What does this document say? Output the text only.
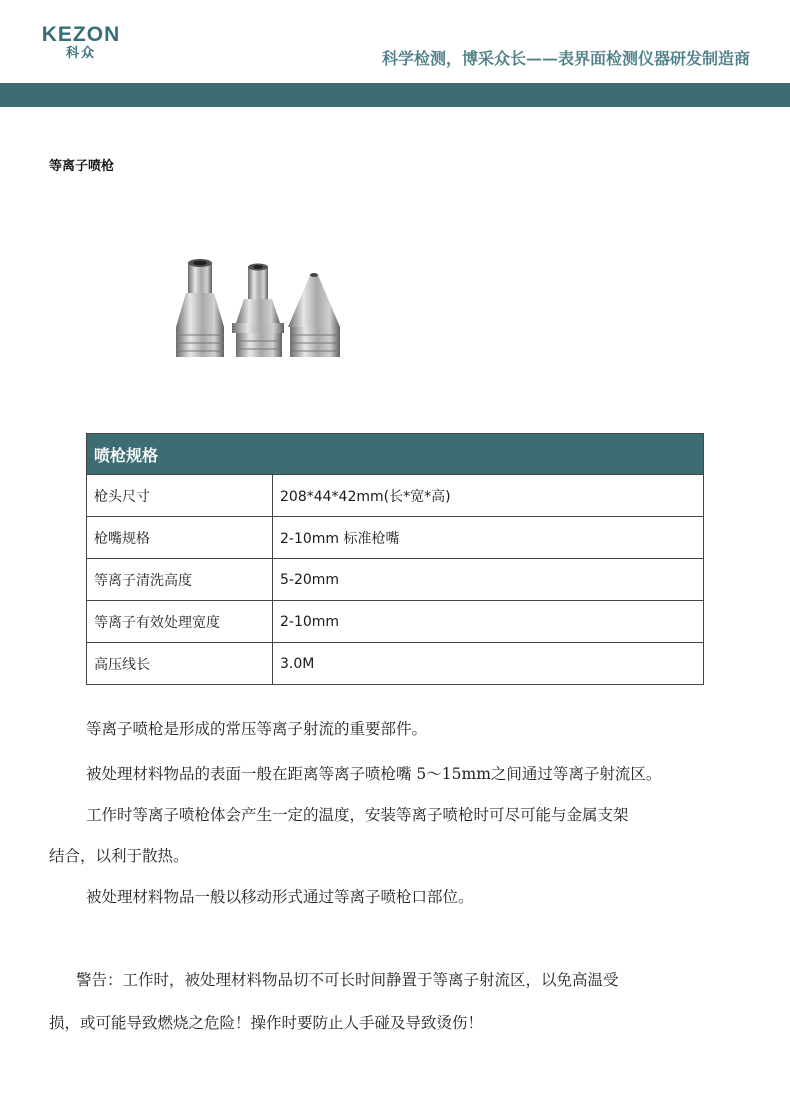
KEZON
科众	科学检测，博采众长——表界面检测仪器研发制造商
等离子喷枪
喷枪规格	
枪头尺寸	208*44*42mm(长*宽*高)
枪嘴规格	2-10mm 标准枪嘴
等离子清洗高度	5-20mm
等离子有效处理宽度	2-10mm
高压线长	3.0M
等离子喷枪是形成的常压等离子射流的重要部件。
被处理材料物品的表面一般在距离等离子喷枪嘴 5～15mm之间通过等离子射流区。
工作时等离子喷枪体会产生一定的温度，安装等离子喷枪时可尽可能与金属支架
结合，以利于散热。
被处理材料物品一般以移动形式通过等离子喷枪口部位。
警告：工作时，被处理材料物品切不可长时间静置于等离子射流区，以免高温受
损，或可能导致燃烧之危险！操作时要防止人手碰及导致烫伤！
